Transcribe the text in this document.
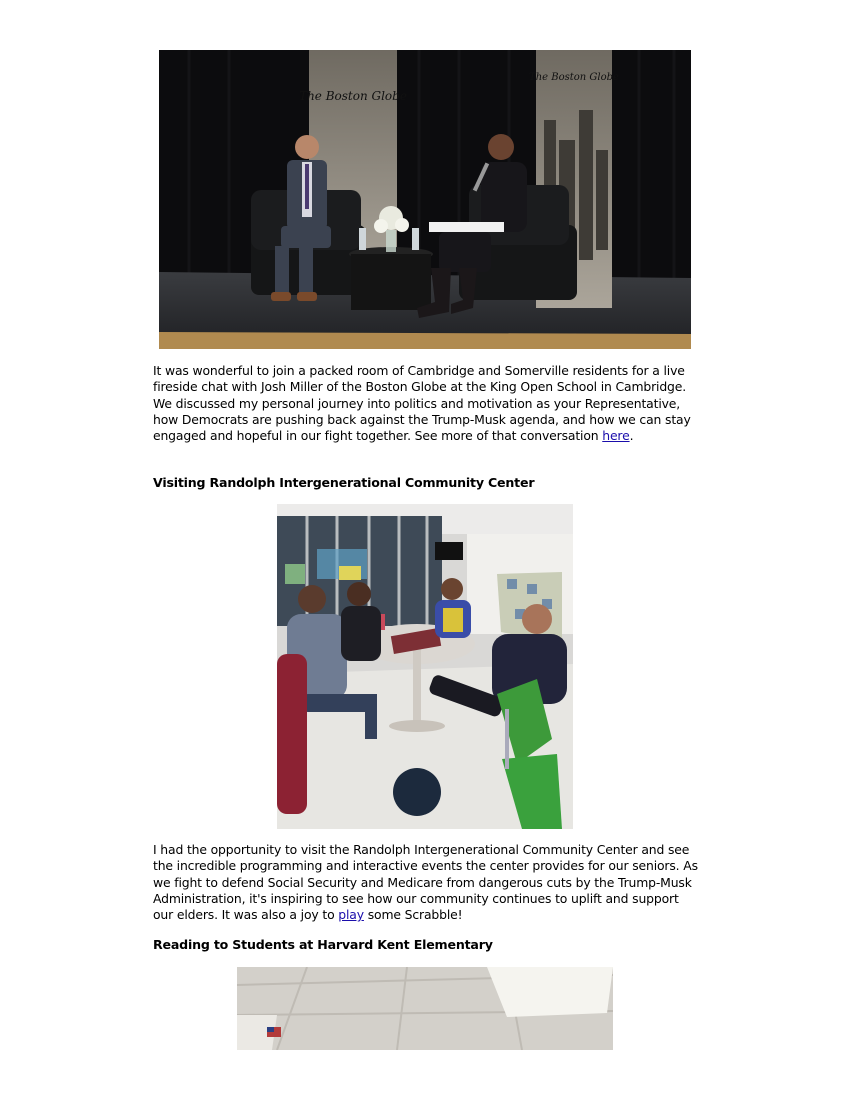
The Boston Globe
The Boston Globe
It was wonderful to join a packed room of Cambridge and Somerville residents for a live fireside chat with Josh Miller of the Boston Globe at the King Open School in Cambridge. We discussed my personal journey into politics and motivation as your Representative, how Democrats are pushing back against the Trump-Musk agenda, and how we can stay engaged and hopeful in our fight together. See more of that conversation here.
Visiting Randolph Intergenerational Community Center
I had the opportunity to visit the Randolph Intergenerational Community Center and see the incredible programming and interactive events the center provides for our seniors. As we fight to defend Social Security and Medicare from dangerous cuts by the Trump-Musk Administration, it's inspiring to see how our community continues to uplift and support our elders. It was also a joy to play some Scrabble!
Reading to Students at Harvard Kent Elementary
